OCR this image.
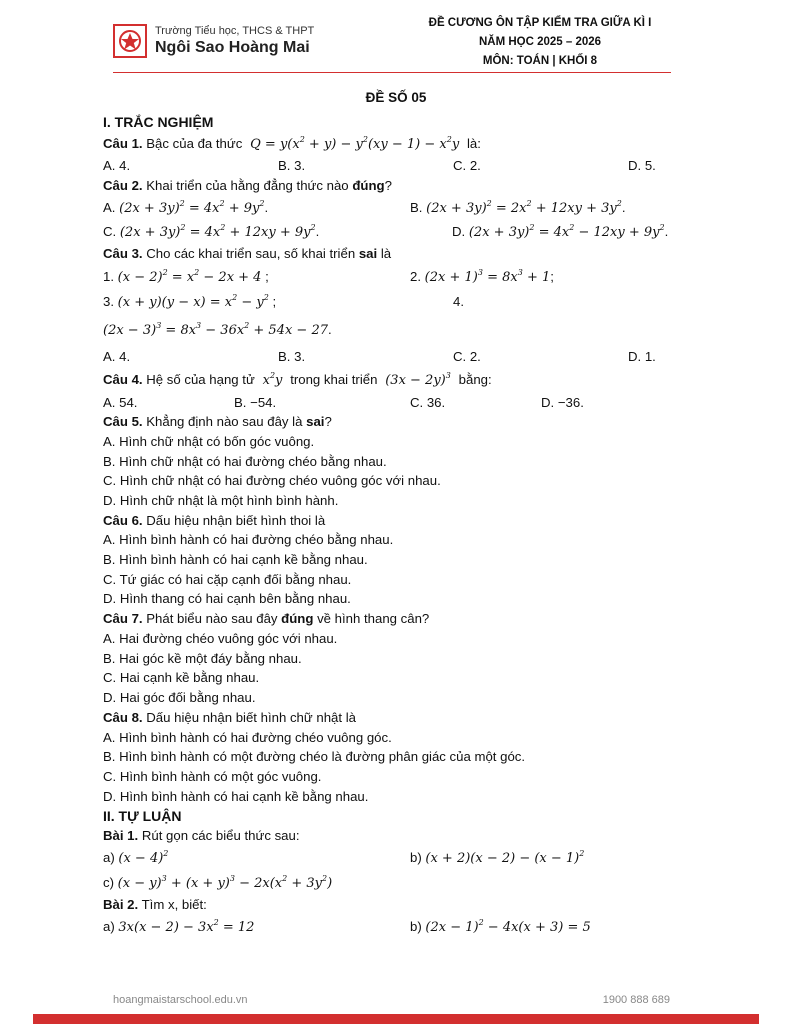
Trường Tiểu học, THCS & THPT
Ngôi Sao Hoàng Mai
ĐỀ CƯƠNG ÔN TẬP KIỂM TRA GIỮA KÌ I
NĂM HỌC 2025 – 2026
MÔN: TOÁN | KHỐI 8
ĐỀ SỐ 05
I. TRẮC NGHIỆM
Câu 1. Bậc của đa thức  $Q = y(x^2 + y) - y^2(xy - 1) - x^2y$  là:
A. 4.	B. 3.	C. 2.	D. 5.
Câu 2. Khai triển của hằng đẳng thức nào đúng?
A. $(2x + 3y)^2 = 4x^2 + 9y^2$.	B. $(2x + 3y)^2 = 2x^2 + 12xy + 3y^2$.
C. $(2x + 3y)^2 = 4x^2 + 12xy + 9y^2$.	D. $(2x + 3y)^2 = 4x^2 - 12xy + 9y^2$.
Câu 3. Cho các khai triển sau, số khai triển sai là
1. $(x - 2)^2 = x^2 - 2x + 4$ ;	2. $(2x + 1)^3 = 8x^3 + 1$;
3. $(x + y)(y - x) = x^2 - y^2$ ;	4.
$(2x - 3)^3 = 8x^3 - 36x^2 + 54x - 27$.
A. 4.	B. 3.	C. 2.	D. 1.
Câu 4. Hệ số của hạng tử  $x^2y$  trong khai triển  $(3x - 2y)^3$ bằng:
A. 54.	B. −54.	C. 36.	D. −36.
Câu 5. Khẳng định nào sau đây là sai?
A. Hình chữ nhật có bốn góc vuông.
B. Hình chữ nhật có hai đường chéo bằng nhau.
C. Hình chữ nhật có hai đường chéo vuông góc với nhau.
D. Hình chữ nhật là một hình bình hành.
Câu 6. Dấu hiệu nhận biết hình thoi là
A. Hình bình hành có hai đường chéo bằng nhau.
B. Hình bình hành có hai cạnh kề bằng nhau.
C. Tứ giác có hai cặp cạnh đối bằng nhau.
D. Hình thang có hai cạnh bên bằng nhau.
Câu 7. Phát biểu nào sau đây đúng về hình thang cân?
A. Hai đường chéo vuông góc với nhau.
B. Hai góc kề một đáy bằng nhau.
C. Hai cạnh kề bằng nhau.
D. Hai góc đối bằng nhau.
Câu 8. Dấu hiệu nhận biết hình chữ nhật là
A. Hình bình hành có hai đường chéo vuông góc.
B. Hình bình hành có một đường chéo là đường phân giác của một góc.
C. Hình bình hành có một góc vuông.
D. Hình bình hành có hai cạnh kề bằng nhau.
II. TỰ LUẬN
Bài 1. Rút gọn các biểu thức sau:
a) $(x - 4)^2$	b) $(x + 2)(x - 2) - (x - 1)^2$
c) $(x - y)^3 + (x + y)^3 - 2x(x^2 + 3y^2)$
Bài 2. Tìm x, biết:
a) $3x(x - 2) - 3x^2 = 12$	b) $(2x - 1)^2 - 4x(x + 3) = 5$
hoangmaistarschool.edu.vn	1900 888 689
